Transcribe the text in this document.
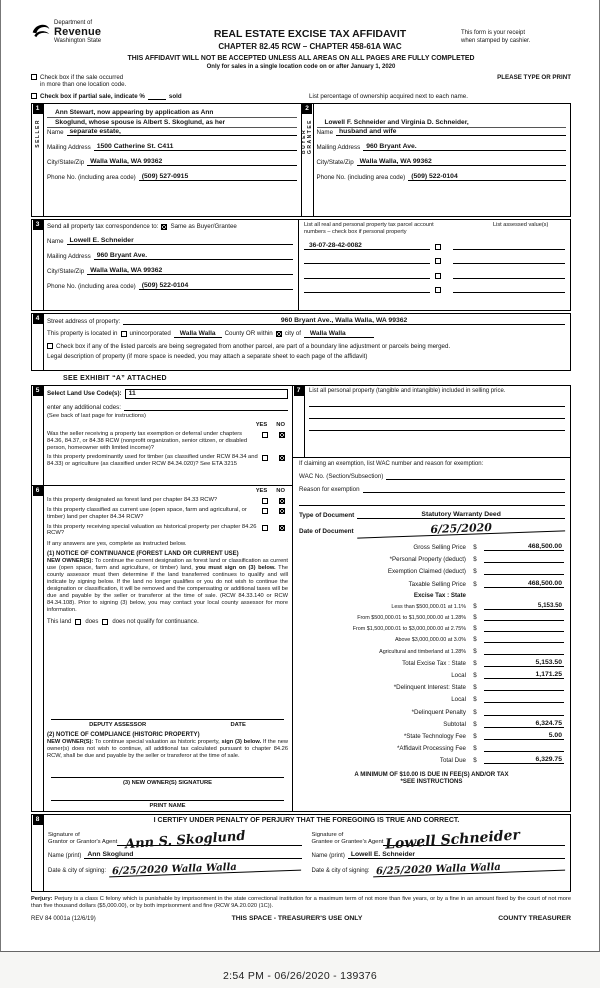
Department of
Revenue
Washington State
REAL ESTATE EXCISE TAX AFFIDAVIT
CHAPTER 82.45 RCW – CHAPTER 458-61A WAC
This form is your receipt
when stamped by cashier.
THIS AFFIDAVIT WILL NOT BE ACCEPTED UNLESS ALL AREAS ON ALL PAGES ARE FULLY COMPLETED
Only for sales in a single location code on or after January 1, 2020
Check box if the sale occurred
in more than one location code.
PLEASE TYPE OR PRINT
Check box if partial sale, indicate %	sold	List percentage of ownership acquired next to each name.
1
SELLER
Ann Stewart, now appearing by application as Ann
Skoglund, whose spouse is Albert S. Skoglund, as her
Name separate estate,
Mailing Address 1500 Catherine St. C411
City/State/Zip Walla Walla, WA 99362
Phone No. (including area code) (509) 527-0915
2
BUYER GRANTEE	Lowell F. Schneider and Virginia D. Schneider,
Name husband and wife
Mailing Address 960 Bryant Ave.
City/State/Zip Walla Walla, WA 99362
Phone No. (including area code) (509) 522-0104
3	Send all property tax correspondence to: Same as Buyer/Grantee
Name Lowell E. Schneider
Mailing Address 960 Bryant Ave.
City/State/Zip Walla Walla, WA 99362
Phone No. (including area code) (509) 522-0104
List all real and personal property tax parcel account
numbers – check box if personal property
List assessed value(s)
36-07-28-42-0082
4	Street address of property:	960 Bryant Ave., Walla Walla, WA 99362
This property is located in unincorporated	Walla Walla	County OR within city of	Walla Walla
Check box if any of the listed parcels are being segregated from another parcel, are part of a boundary line adjustment or parcels being merged.
Legal description of property (if more space is needed, you may attach a separate sheet to each page of the affidavit)
SEE EXHIBIT “A” ATTACHED
5	Select Land Use Code(s):	11
enter any additional codes:
(See back of last page for instructions)
YES NO
Was the seller receiving a property tax exemption or deferral under chapters 84.36, 84.37, or 84.38 RCW (nonprofit organization, senior citizen, or disabled person, homeowner with limited income)?
Is this property predominantly used for timber (as classified under RCW 84.34 and 84.33) or agriculture (as classified under RCW 84.34.020)? See ETA 3215
6	YES NO
Is this property designated as forest land per chapter 84.33 RCW?
Is this property classified as current use (open space, farm and agricultural, or timber) land per chapter 84.34 RCW?
Is this property receiving special valuation as historical property per chapter 84.26 RCW?
If any answers are yes, complete as instructed below.
(1) NOTICE OF CONTINUANCE (FOREST LAND OR CURRENT USE)
NEW OWNER(S): To continue the current designation as forest land or classification as current use (open space, farm and agriculture, or timber) land, you must sign on (3) below. The county assessor must then determine if the land transferred continues to qualify and will indicate by signing below. If the land no longer qualifies or you do not wish to continue the designation or classification, it will be removed and the compensating or additional taxes will be due and payable by the seller or transferor at the time of sale. (RCW 84.33.140 or RCW 84.34.108). Prior to signing (3) below, you may contact your local county assessor for more information.
This land does does not qualify for continuance.
DEPUTY ASSESSOR	DATE
(2) NOTICE OF COMPLIANCE (HISTORIC PROPERTY)
NEW OWNER(S): To continue special valuation as historic property, sign (3) below. If the new owner(s) does not wish to continue, all additional tax calculated pursuant to chapter 84.26 RCW, shall be due and payable by the seller or transferor at the time of sale.
(3) NEW OWNER(S) SIGNATURE
PRINT NAME
7	List all personal property (tangible and intangible) included in selling price.
If claiming an exemption, list WAC number and reason for exemption:
WAC No. (Section/Subsection)
Reason for exemption
Type of Document	Statutory Warranty Deed
Date of Document	6/25/2020
Gross Selling Price	$	468,500.00
*Personal Property (deduct)	$
Exemption Claimed (deduct)	$
Taxable Selling Price	$	468,500.00
Excise Tax : State
Less than $500,000.01 at 1.1%	$	5,153.50
From $500,000.01 to $1,500,000.00 at 1.28%	$
From $1,500,000.01 to $3,000,000.00 at 2.75%	$
Above $3,000,000.00 at 3.0%	$
Agricultural and timberland at 1.28%	$
Total Excise Tax : State	$	5,153.50
Local	$	1,171.25
*Delinquent Interest: State	$
Local	$
*Delinquent Penalty	$
Subtotal	$	6,324.75
*State Technology Fee	$	5.00
*Affidavit Processing Fee	$
Total Due	$	6,329.75
A MINIMUM OF $10.00 IS DUE IN FEE(S) AND/OR TAX
*SEE INSTRUCTIONS
8	I CERTIFY UNDER PENALTY OF PERJURY THAT THE FOREGOING IS TRUE AND CORRECT.
Signature of
Grantor or Grantor's Agent Ann S. Skoglund
Name (print) Ann Skoglund
Date & city of signing: 6/25/2020 Walla Walla
Signature of
Grantee or Grantee's Agent Lowell Schneider
Name (print) Lowell E. Schneider
Date & city of signing: 6/25/2020 Walla Walla
Perjury: Perjury is a class C felony which is punishable by imprisonment in the state correctional institution for a maximum term of not more than five years, or by a fine in an amount fixed by the court of not more than five thousand dollars ($5,000.00), or by both imprisonment and fine (RCW 9A.20.020 (1C)).
REV 84 0001a (12/6/19)	THIS SPACE - TREASURER'S USE ONLY	COUNTY TREASURER
2:54 PM - 06/26/2020 - 139376
